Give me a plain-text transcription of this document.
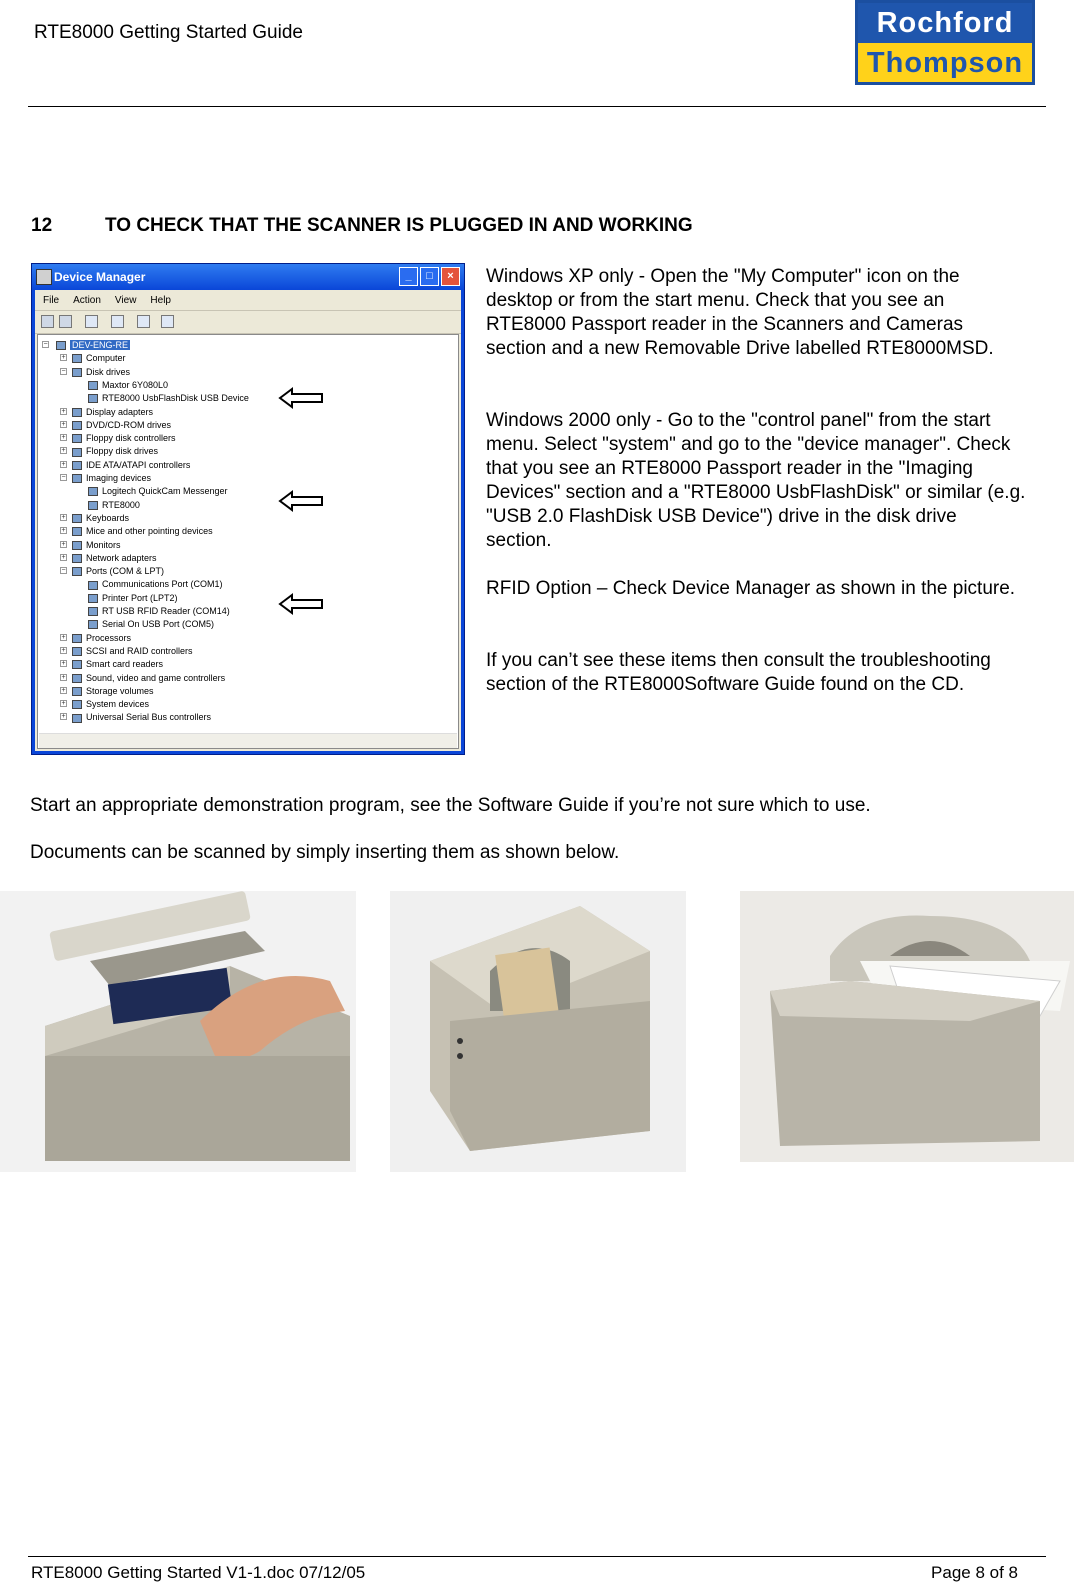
RTE8000 Getting Started Guide	Rochford
Thompson
12	TO CHECK THAT THE SCANNER IS PLUGGED IN AND WORKING
Device Manager	_	□	×
File Action View Help
−	DEV-ENG-RE
+	Computer
−	Disk drives
Maxtor 6Y080L0
RTE8000 UsbFlashDisk USB Device
+	Display adapters
+	DVD/CD-ROM drives
+	Floppy disk controllers
+	Floppy disk drives
+	IDE ATA/ATAPI controllers
−	Imaging devices
Logitech QuickCam Messenger
RTE8000
+	Keyboards
+	Mice and other pointing devices
+	Monitors
+	Network adapters
−	Ports (COM & LPT)
Communications Port (COM1)
Printer Port (LPT2)
RT USB RFID Reader (COM14)
Serial On USB Port (COM5)
+	Processors
+	SCSI and RAID controllers
+	Smart card readers
+	Sound, video and game controllers
+	Storage volumes
+	System devices
+	Universal Serial Bus controllers
Windows XP only - Open the "My Computer" icon on the desktop or from the start menu. Check that you see an RTE8000 Passport reader in the Scanners and Cameras section and a new Removable Drive labelled RTE8000MSD.
Windows 2000 only - Go to the "control panel" from the start menu. Select "system" and go to the "device manager". Check that you see an RTE8000 Passport reader in the "Imaging Devices" section and a "RTE8000 UsbFlashDisk" or similar (e.g. "USB 2.0 FlashDisk USB Device") drive in the disk drive section.
RFID Option – Check Device Manager as shown in the picture.
If you can’t see these items then consult the troubleshooting section of the RTE8000Software Guide found on the CD.
Start an appropriate demonstration program, see the Software Guide if you’re not sure which to use.
Documents can be scanned by simply inserting them as shown below.
RTE8000 Getting Started V1-1.doc 07/12/05	Page 8 of 8
